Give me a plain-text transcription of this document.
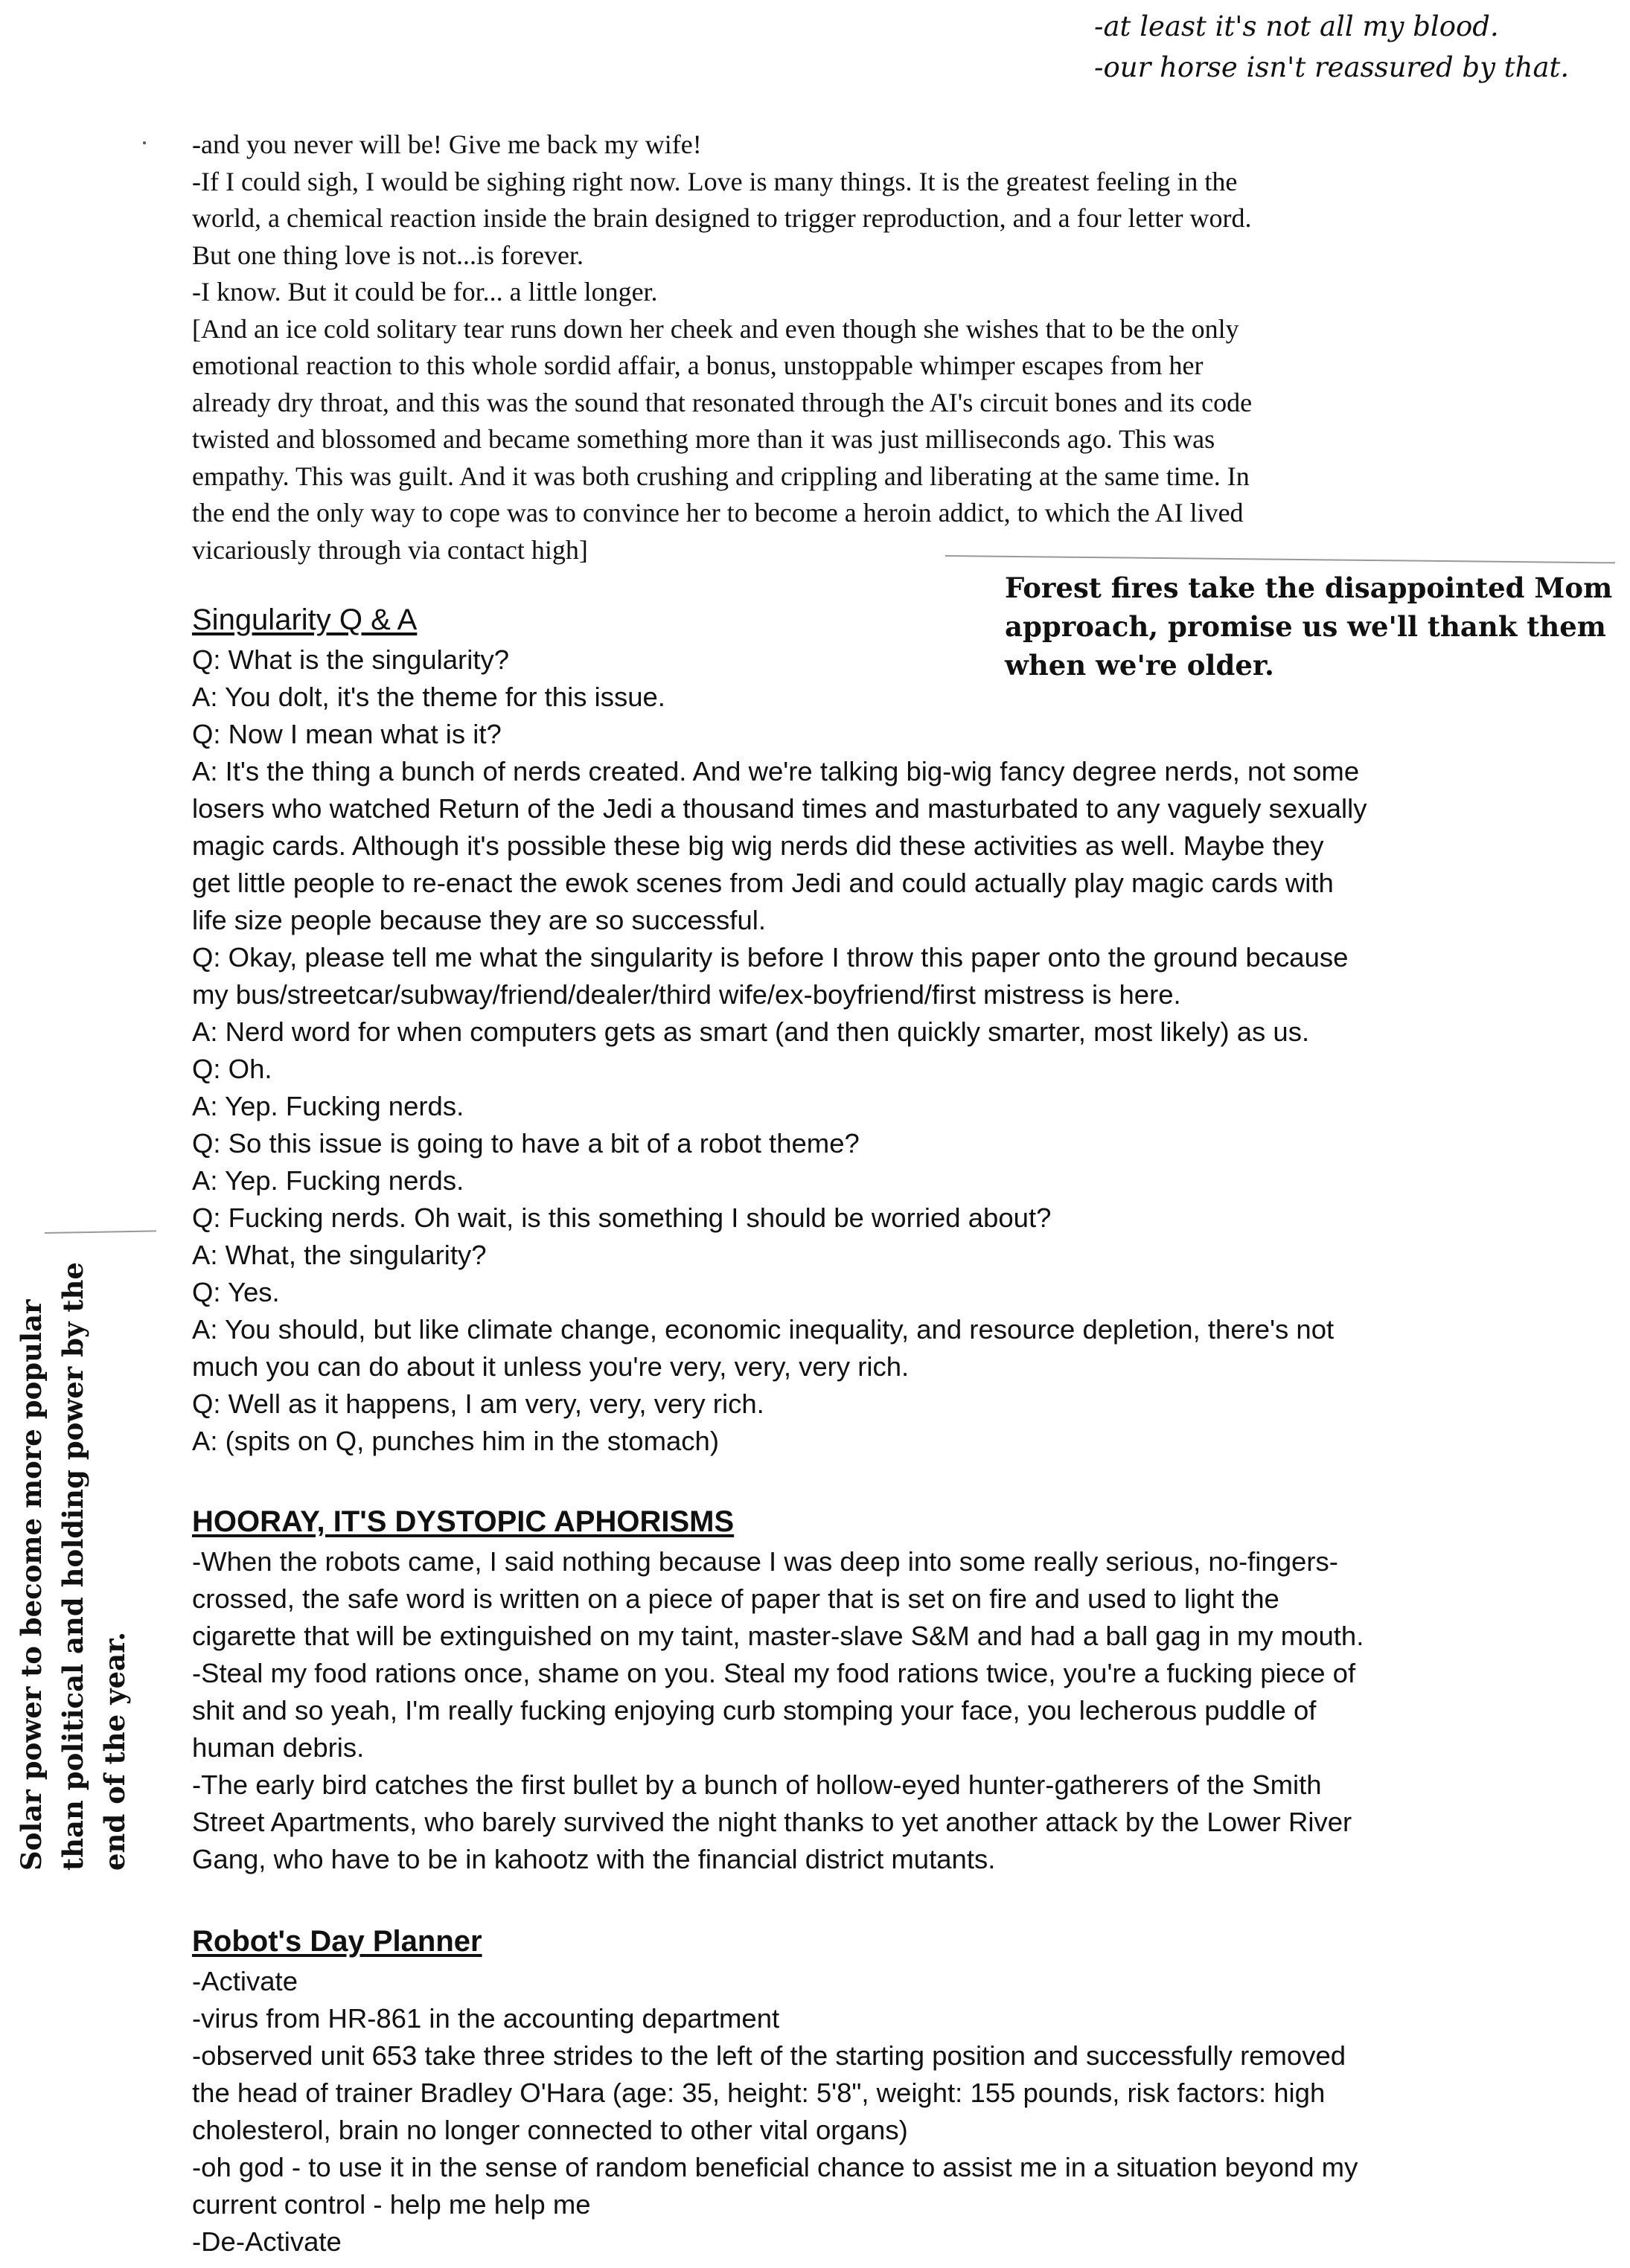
-at least it's not all my blood.
-our horse isn't reassured by that.

-and you never will be! Give me back my wife!

-If I could sigh, I would be sighing right now. Love is many things. It is the greatest feeling in the

world, a chemical reaction inside the brain designed to trigger reproduction, and a four letter word.

But one thing love is not...is forever.

-I know. But it could be for... a little longer.

[And an ice cold solitary tear runs down her cheek and even though she wishes that to be the only

emotional reaction to this whole sordid affair, a bonus, unstoppable whimper escapes from her

already dry throat, and this was the sound that resonated through the AI's circuit bones and its code

twisted and blossomed and became something more than it was just milliseconds ago. This was

empathy. This was guilt. And it was both crushing and crippling and liberating at the same time. In

the end the only way to cope was to convince her to become a heroin addict, to which the AI lived

vicariously through via contact high]

Forest fires take the disappointed Mom
approach, promise us we'll thank them
when we're older.
Singularity Q & A

Q: What is the singularity?

A: You dolt, it's the theme for this issue.

Q: Now I mean what is it?

A: It's the thing a bunch of nerds created. And we're talking big-wig fancy degree nerds, not some

losers who watched Return of the Jedi a thousand times and masturbated to any vaguely sexually

magic cards. Although it's possible these big wig nerds did these activities as well. Maybe they

get little people to re-enact the ewok scenes from Jedi and could actually play magic cards with

life size people because they are so successful.

Q: Okay, please tell me what the singularity is before I throw this paper onto the ground because

my bus/streetcar/subway/friend/dealer/third wife/ex-boyfriend/first mistress is here.

A: Nerd word for when computers gets as smart (and then quickly smarter, most likely) as us.

Q: Oh.

A: Yep. Fucking nerds.

Q: So this issue is going to have a bit of a robot theme?

A: Yep. Fucking nerds.

Q: Fucking nerds. Oh wait, is this something I should be worried about?

A: What, the singularity?

Q: Yes.

A: You should, but like climate change, economic inequality, and resource depletion, there's not

much you can do about it unless you're very, very, very rich.

Q: Well as it happens, I am very, very, very rich.

A: (spits on Q, punches him in the stomach)

HOORAY, IT'S DYSTOPIC APHORISMS

-When the robots came, I said nothing because I was deep into some really serious, no-fingers-

crossed, the safe word is written on a piece of paper that is set on fire and used to light the

cigarette that will be extinguished on my taint, master-slave S&M and had a ball gag in my mouth.

-Steal my food rations once, shame on you. Steal my food rations twice, you're a fucking piece of

shit and so yeah, I'm really fucking enjoying curb stomping your face, you lecherous puddle of

human debris.

-The early bird catches the first bullet by a bunch of hollow-eyed hunter-gatherers of the Smith

Street Apartments, who barely survived the night thanks to yet another attack by the Lower River

Gang, who have to be in kahootz with the financial district mutants.

Robot's Day Planner

-Activate

-virus from HR-861 in the accounting department

-observed unit 653 take three strides to the left of the starting position and successfully removed

the head of trainer Bradley O'Hara (age: 35, height: 5'8", weight: 155 pounds, risk factors: high

cholesterol, brain no longer connected to other vital organs)

-oh god - to use it in the sense of random beneficial chance to assist me in a situation beyond my

current control - help me help me

-De-Activate

Solar power to become more popular than political and holding power by the end of the year.
